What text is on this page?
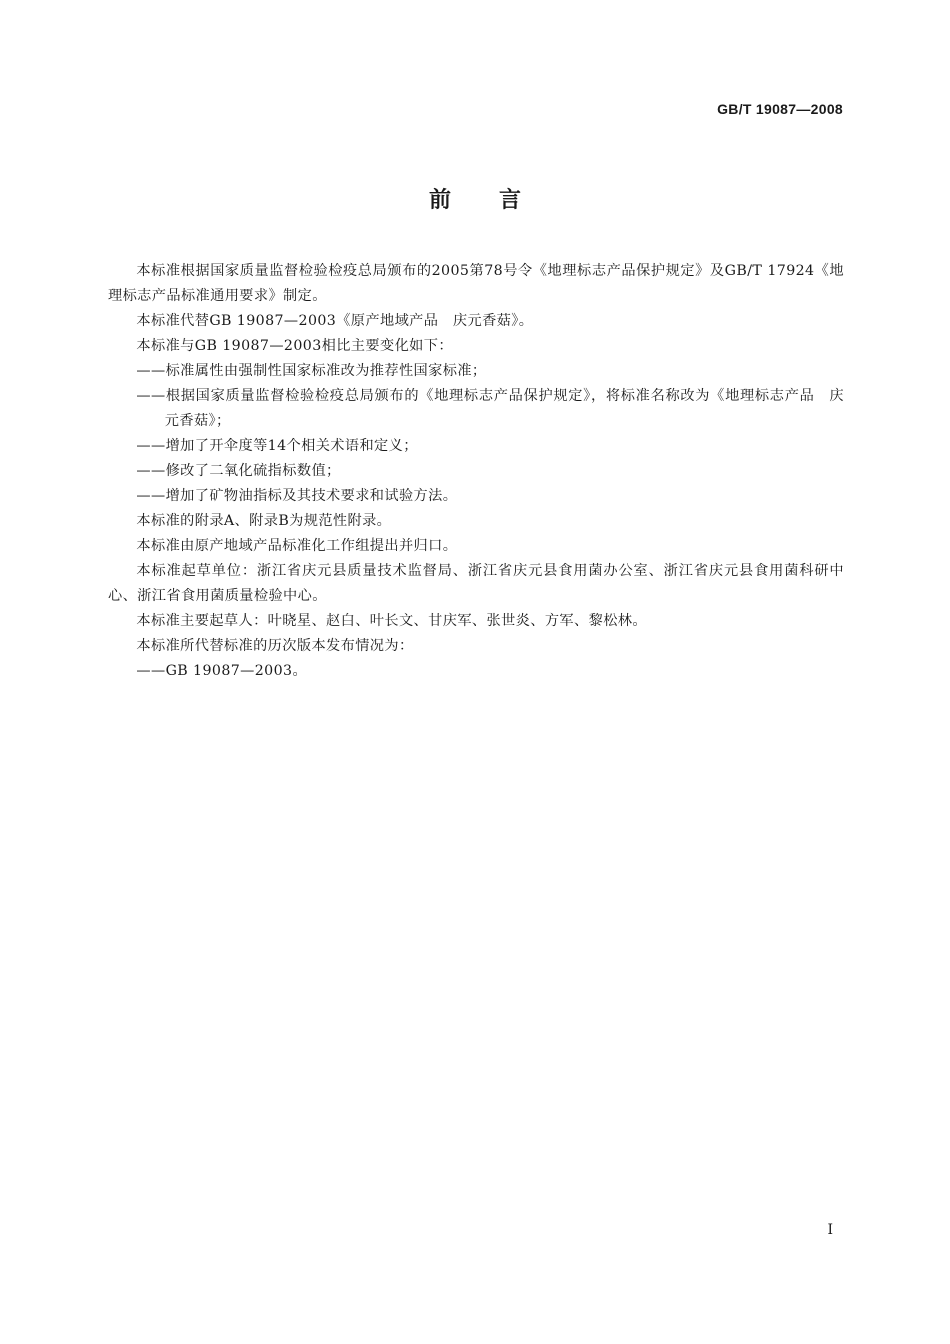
GB/T 19087—2008
前言

本标准根据国家质量监督检验检疫总局颁布的2005第78号令《地理标志产品保护规定》及GB/T 17924《地理标志产品标准通用要求》制定。

本标准代替GB 19087—2003《原产地域产品　庆元香菇》。

本标准与GB 19087—2003相比主要变化如下：

——标准属性由强制性国家标准改为推荐性国家标准；

——根据国家质量监督检验检疫总局颁布的《地理标志产品保护规定》，将标准名称改为《地理标志产品　庆元香菇》；

——增加了开伞度等14个相关术语和定义；

——修改了二氧化硫指标数值；

——增加了矿物油指标及其技术要求和试验方法。

本标准的附录A、附录B为规范性附录。

本标准由原产地域产品标准化工作组提出并归口。

本标准起草单位：浙江省庆元县质量技术监督局、浙江省庆元县食用菌办公室、浙江省庆元县食用菌科研中心、浙江省食用菌质量检验中心。

本标准主要起草人：叶晓星、赵白、叶长文、甘庆军、张世炎、方军、黎松林。

本标准所代替标准的历次版本发布情况为：

——GB 19087—2003。

I
